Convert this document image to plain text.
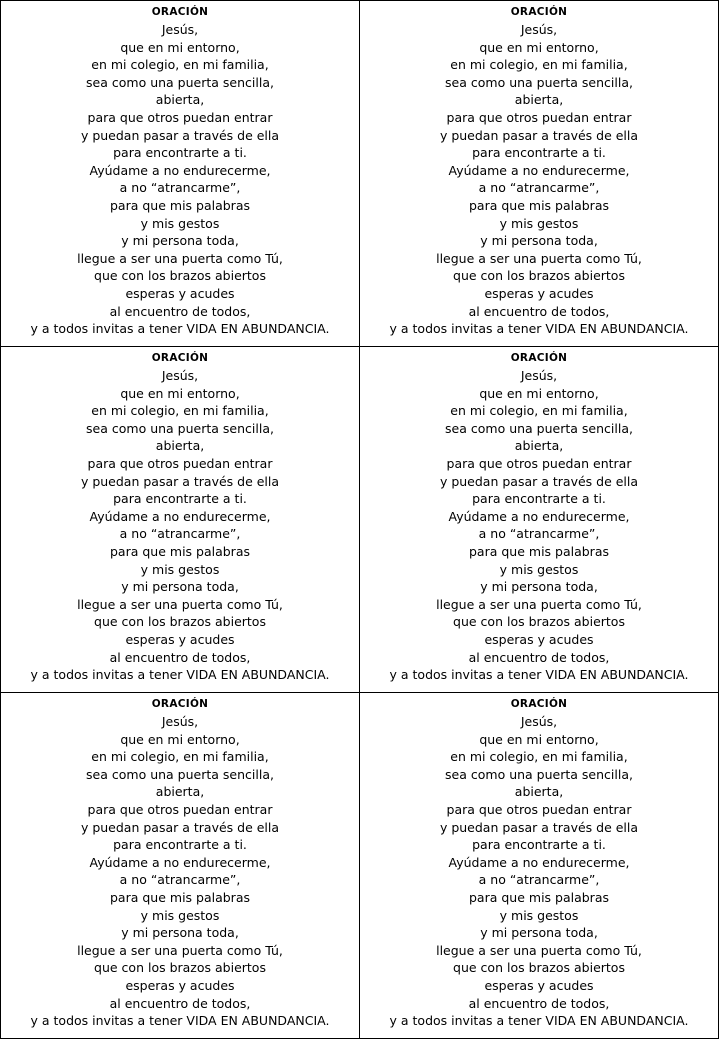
ORACIÓN
Jesús,
que en mi entorno,
en mi colegio, en mi familia,
sea como una puerta sencilla,
abierta,
para que otros puedan entrar
y puedan pasar a través de ella
para encontrarte a ti.
Ayúdame a no endurecerme,
a no “atrancarme”,
para que mis palabras
y mis gestos
y mi persona toda,
llegue a ser una puerta como Tú,
que con los brazos abiertos
esperas y acudes
al encuentro de todos,
y a todos invitas a tener VIDA EN ABUNDANCIA.
ORACIÓN
Jesús,
que en mi entorno,
en mi colegio, en mi familia,
sea como una puerta sencilla,
abierta,
para que otros puedan entrar
y puedan pasar a través de ella
para encontrarte a ti.
Ayúdame a no endurecerme,
a no “atrancarme”,
para que mis palabras
y mis gestos
y mi persona toda,
llegue a ser una puerta como Tú,
que con los brazos abiertos
esperas y acudes
al encuentro de todos,
y a todos invitas a tener VIDA EN ABUNDANCIA.
ORACIÓN
Jesús,
que en mi entorno,
en mi colegio, en mi familia,
sea como una puerta sencilla,
abierta,
para que otros puedan entrar
y puedan pasar a través de ella
para encontrarte a ti.
Ayúdame a no endurecerme,
a no “atrancarme”,
para que mis palabras
y mis gestos
y mi persona toda,
llegue a ser una puerta como Tú,
que con los brazos abiertos
esperas y acudes
al encuentro de todos,
y a todos invitas a tener VIDA EN ABUNDANCIA.
ORACIÓN
Jesús,
que en mi entorno,
en mi colegio, en mi familia,
sea como una puerta sencilla,
abierta,
para que otros puedan entrar
y puedan pasar a través de ella
para encontrarte a ti.
Ayúdame a no endurecerme,
a no “atrancarme”,
para que mis palabras
y mis gestos
y mi persona toda,
llegue a ser una puerta como Tú,
que con los brazos abiertos
esperas y acudes
al encuentro de todos,
y a todos invitas a tener VIDA EN ABUNDANCIA.
ORACIÓN
Jesús,
que en mi entorno,
en mi colegio, en mi familia,
sea como una puerta sencilla,
abierta,
para que otros puedan entrar
y puedan pasar a través de ella
para encontrarte a ti.
Ayúdame a no endurecerme,
a no “atrancarme”,
para que mis palabras
y mis gestos
y mi persona toda,
llegue a ser una puerta como Tú,
que con los brazos abiertos
esperas y acudes
al encuentro de todos,
y a todos invitas a tener VIDA EN ABUNDANCIA.
ORACIÓN
Jesús,
que en mi entorno,
en mi colegio, en mi familia,
sea como una puerta sencilla,
abierta,
para que otros puedan entrar
y puedan pasar a través de ella
para encontrarte a ti.
Ayúdame a no endurecerme,
a no “atrancarme”,
para que mis palabras
y mis gestos
y mi persona toda,
llegue a ser una puerta como Tú,
que con los brazos abiertos
esperas y acudes
al encuentro de todos,
y a todos invitas a tener VIDA EN ABUNDANCIA.
